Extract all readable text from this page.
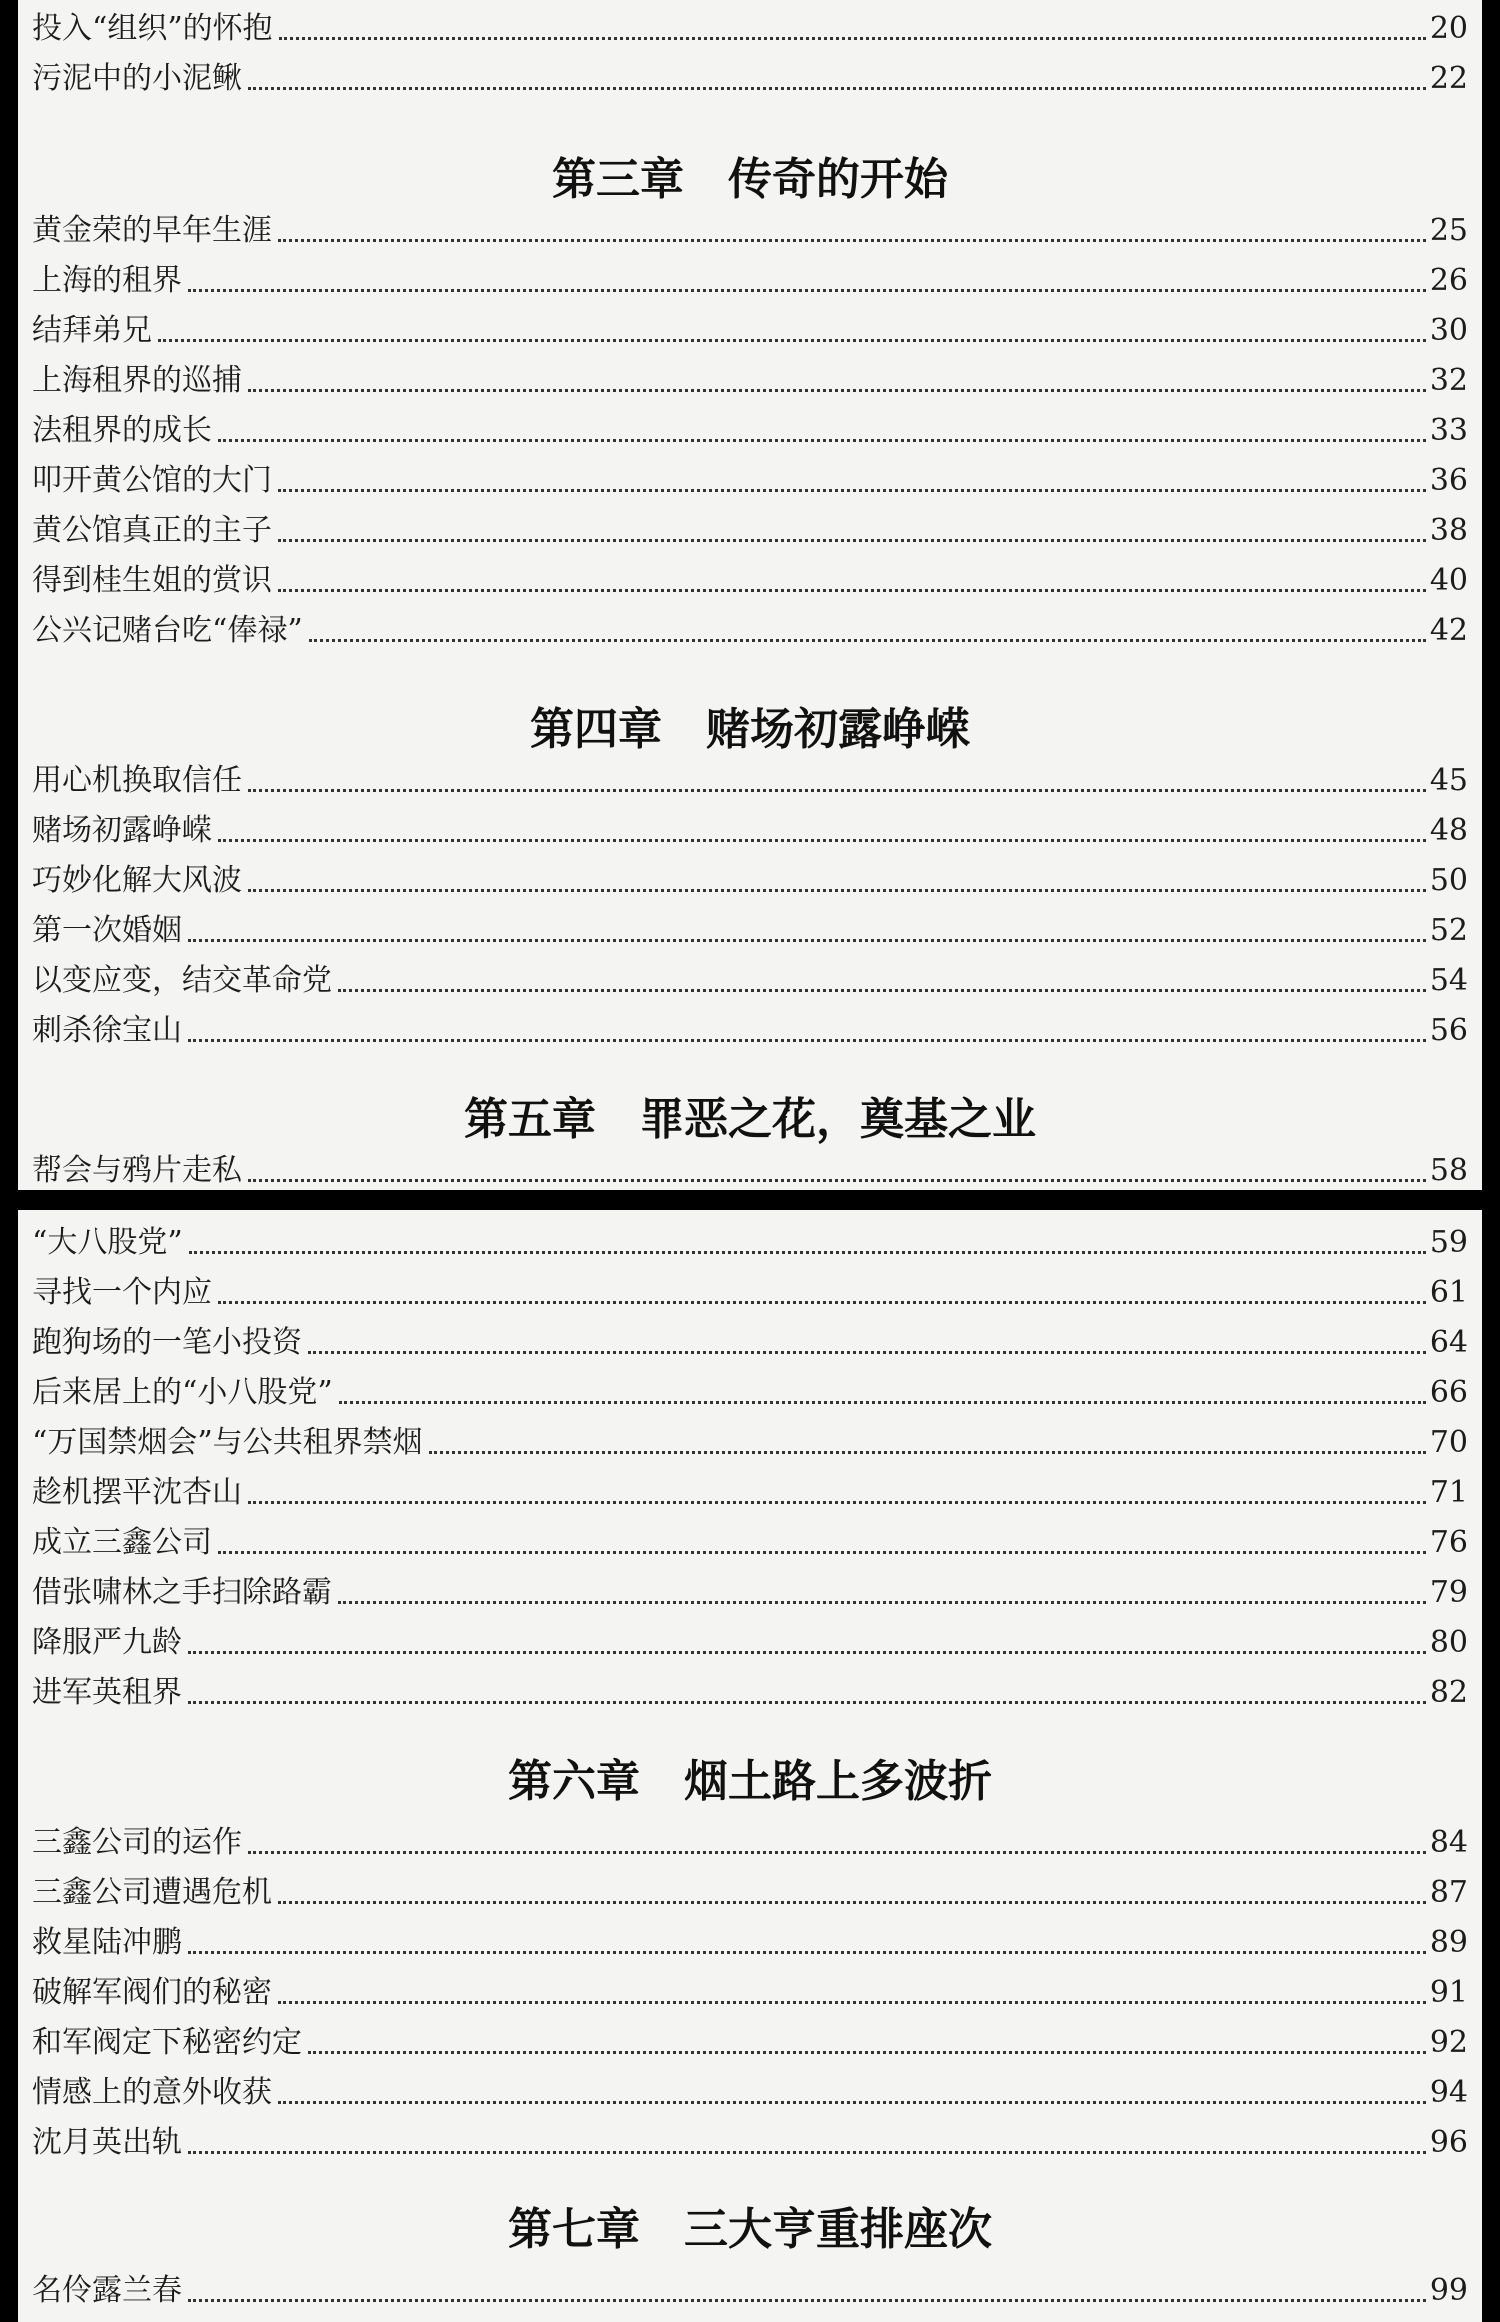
投入“组织”的怀抱	20
污泥中的小泥鳅	22
第三章　传奇的开始
黄金荣的早年生涯	25
上海的租界	26
结拜弟兄	30
上海租界的巡捕	32
法租界的成长	33
叩开黄公馆的大门	36
黄公馆真正的主子	38
得到桂生姐的赏识	40
公兴记赌台吃“俸禄”	42
第四章　赌场初露峥嵘
用心机换取信任	45
赌场初露峥嵘	48
巧妙化解大风波	50
第一次婚姻	52
以变应变，结交革命党	54
刺杀徐宝山	56
第五章　罪恶之花，奠基之业
帮会与鸦片走私	58
“大八股党”	59
寻找一个内应	61
跑狗场的一笔小投资	64
后来居上的“小八股党”	66
“万国禁烟会”与公共租界禁烟	70
趁机摆平沈杏山	71
成立三鑫公司	76
借张啸林之手扫除路霸	79
降服严九龄	80
进军英租界	82
第六章　烟土路上多波折
三鑫公司的运作	84
三鑫公司遭遇危机	87
救星陆冲鹏	89
破解军阀们的秘密	91
和军阀定下秘密约定	92
情感上的意外收获	94
沈月英出轨	96
第七章　三大亨重排座次
名伶露兰春	99
